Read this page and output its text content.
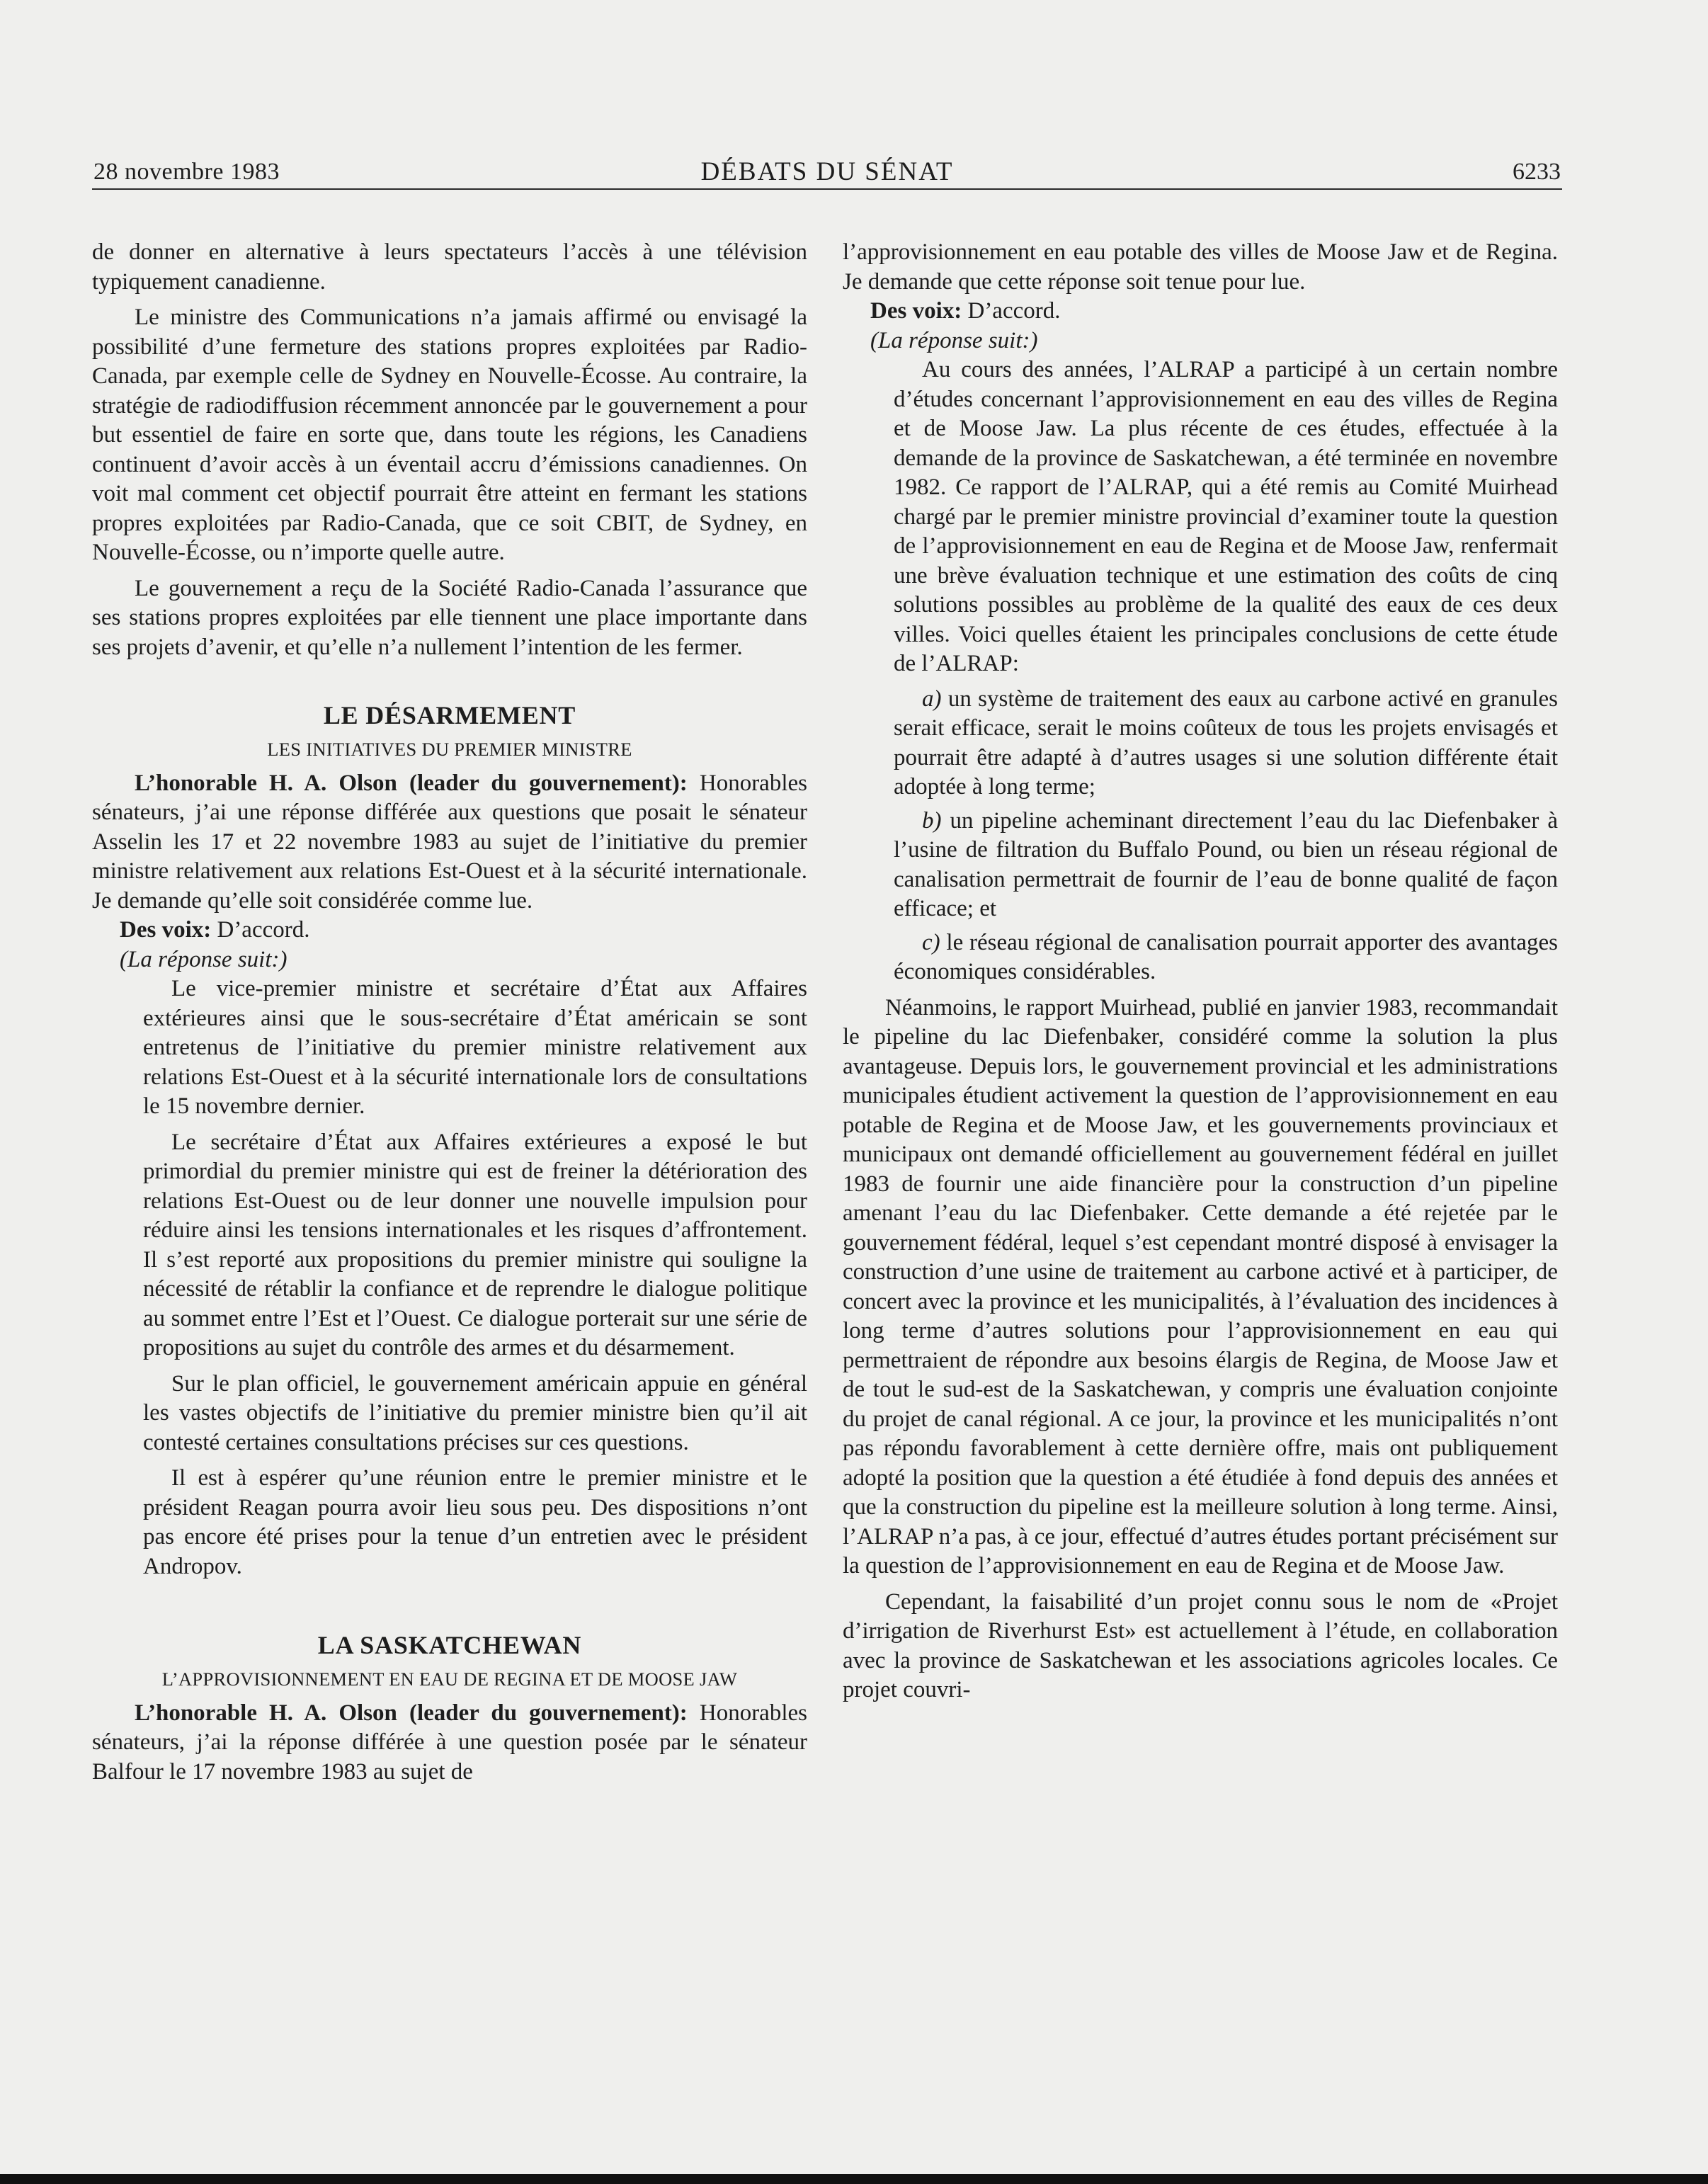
28 novembre 1983	DÉBATS DU SÉNAT	6233

de donner en alternative à leurs spectateurs l’accès à une télévision typiquement canadienne.

Le ministre des Communications n’a jamais affirmé ou envisagé la possibilité d’une fermeture des stations propres exploitées par Radio-Canada, par exemple celle de Sydney en Nouvelle-Écosse. Au contraire, la stratégie de radiodiffusion récemment annoncée par le gouvernement a pour but essentiel de faire en sorte que, dans toute les régions, les Canadiens continuent d’avoir accès à un éventail accru d’émissions canadiennes. On voit mal comment cet objectif pourrait être atteint en fermant les stations propres exploitées par Radio-Canada, que ce soit CBIT, de Sydney, en Nouvelle-Écosse, ou n’importe quelle autre.

Le gouvernement a reçu de la Société Radio-Canada l’assurance que ses stations propres exploitées par elle tiennent une place importante dans ses projets d’avenir, et qu’elle n’a nullement l’intention de les fermer.

LE DÉSARMEMENT

LES INITIATIVES DU PREMIER MINISTRE

L’honorable H. A. Olson (leader du gouvernement): Honorables sénateurs, j’ai une réponse différée aux questions que posait le sénateur Asselin les 17 et 22 novembre 1983 au sujet de l’initiative du premier ministre relativement aux relations Est-Ouest et à la sécurité internationale. Je demande qu’elle soit considérée comme lue.

Des voix: D’accord.

(La réponse suit:)

Le vice-premier ministre et secrétaire d’État aux Affaires extérieures ainsi que le sous-secrétaire d’État américain se sont entretenus de l’initiative du premier ministre relativement aux relations Est-Ouest et à la sécurité internationale lors de consultations le 15 novembre dernier.

Le secrétaire d’État aux Affaires extérieures a exposé le but primordial du premier ministre qui est de freiner la détérioration des relations Est-Ouest ou de leur donner une nouvelle impulsion pour réduire ainsi les tensions internationales et les risques d’affrontement. Il s’est reporté aux propositions du premier ministre qui souligne la nécessité de rétablir la confiance et de reprendre le dialogue politique au sommet entre l’Est et l’Ouest. Ce dialogue porterait sur une série de propositions au sujet du contrôle des armes et du désarmement.

Sur le plan officiel, le gouvernement américain appuie en général les vastes objectifs de l’initiative du premier ministre bien qu’il ait contesté certaines consultations précises sur ces questions.

Il est à espérer qu’une réunion entre le premier ministre et le président Reagan pourra avoir lieu sous peu. Des dispositions n’ont pas encore été prises pour la tenue d’un entretien avec le président Andropov.

LA SASKATCHEWAN

L’APPROVISIONNEMENT EN EAU DE REGINA ET DE MOOSE JAW

L’honorable H. A. Olson (leader du gouvernement): Honorables sénateurs, j’ai la réponse différée à une question posée par le sénateur Balfour le 17 novembre 1983 au sujet de

l’approvisionnement en eau potable des villes de Moose Jaw et de Regina. Je demande que cette réponse soit tenue pour lue.

Des voix: D’accord.

(La réponse suit:)

Au cours des années, l’ALRAP a participé à un certain nombre d’études concernant l’approvisionnement en eau des villes de Regina et de Moose Jaw. La plus récente de ces études, effectuée à la demande de la province de Saskatchewan, a été terminée en novembre 1982. Ce rapport de l’ALRAP, qui a été remis au Comité Muirhead chargé par le premier ministre provincial d’examiner toute la question de l’approvisionnement en eau de Regina et de Moose Jaw, renfermait une brève évaluation technique et une estimation des coûts de cinq solutions possibles au problème de la qualité des eaux de ces deux villes. Voici quelles étaient les principales conclusions de cette étude de l’ALRAP:

a) un système de traitement des eaux au carbone activé en granules serait efficace, serait le moins coûteux de tous les projets envisagés et pourrait être adapté à d’autres usages si une solution différente était adoptée à long terme;

b) un pipeline acheminant directement l’eau du lac Diefenbaker à l’usine de filtration du Buffalo Pound, ou bien un réseau régional de canalisation permettrait de fournir de l’eau de bonne qualité de façon efficace; et

c) le réseau régional de canalisation pourrait apporter des avantages économiques considérables.

Néanmoins, le rapport Muirhead, publié en janvier 1983, recommandait le pipeline du lac Diefenbaker, considéré comme la solution la plus avantageuse. Depuis lors, le gouvernement provincial et les administrations municipales étudient activement la question de l’approvisionnement en eau potable de Regina et de Moose Jaw, et les gouvernements provinciaux et municipaux ont demandé officiellement au gouvernement fédéral en juillet 1983 de fournir une aide financière pour la construction d’un pipeline amenant l’eau du lac Diefenbaker. Cette demande a été rejetée par le gouvernement fédéral, lequel s’est cependant montré disposé à envisager la construction d’une usine de traitement au carbone activé et à participer, de concert avec la province et les municipalités, à l’évaluation des incidences à long terme d’autres solutions pour l’approvisionnement en eau qui permettraient de répondre aux besoins élargis de Regina, de Moose Jaw et de tout le sud-est de la Saskatchewan, y compris une évaluation conjointe du projet de canal régional. A ce jour, la province et les municipalités n’ont pas répondu favorablement à cette dernière offre, mais ont publiquement adopté la position que la question a été étudiée à fond depuis des années et que la construction du pipeline est la meilleure solution à long terme. Ainsi, l’ALRAP n’a pas, à ce jour, effectué d’autres études portant précisément sur la question de l’approvisionnement en eau de Regina et de Moose Jaw.

Cependant, la faisabilité d’un projet connu sous le nom de «Projet d’irrigation de Riverhurst Est» est actuellement à l’étude, en collaboration avec la province de Saskatchewan et les associations agricoles locales. Ce projet couvri-
